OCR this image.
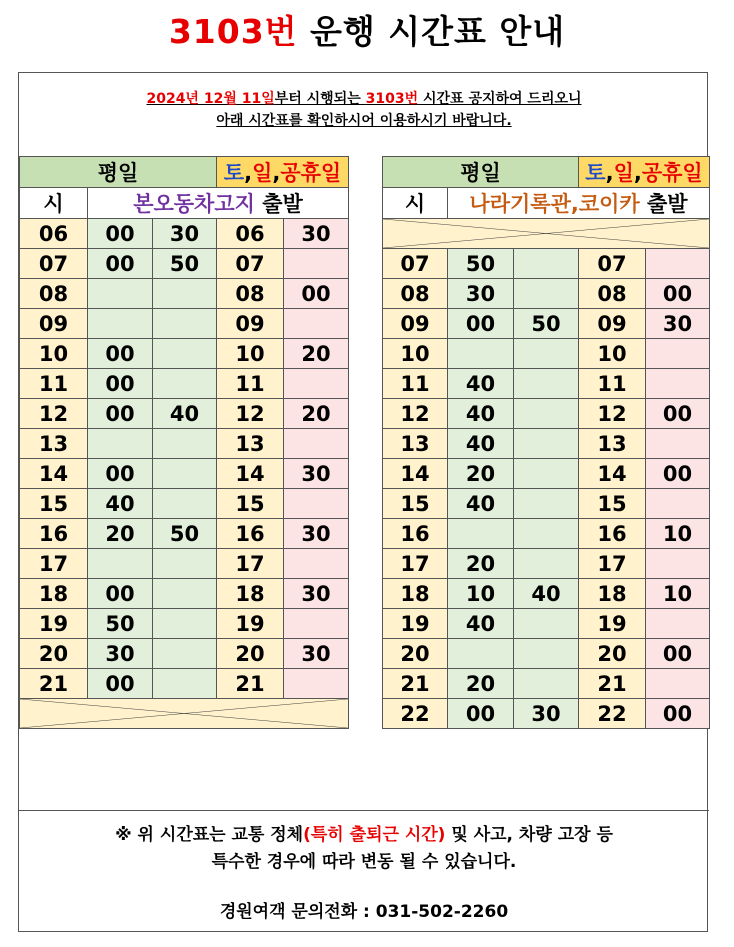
3103번 운행 시간표 안내
2024년 12월 11일부터 시행되는 3103번 시간표 공지하여 드리오니
아래 시간표를 확인하시어 이용하시기 바랍니다.
평일			토,일,공휴일	
시	본오동차고지 출발			
06	00	30	06	30
07	00	50	07	
08			08	00
09			09	
10	00		10	20
11	00		11	
12	00	40	12	20
13			13	
14	00		14	30
15	40		15	
16	20	50	16	30
17			17	
18	00		18	30
19	50		19	
20	30		20	30
21	00		21	

평일			토,일,공휴일	
시	나라기록관,코이카 출발			

07	50		07	
08	30		08	00
09	00	50	09	30
10			10	
11	40		11	
12	40		12	00
13	40		13	
14	20		14	00
15	40		15	
16			16	10
17	20		17	
18	10	40	18	10
19	40		19	
20			20	00
21	20		21	
22	00	30	22	00
※ 위 시간표는 교통 정체(특히 출퇴근 시간) 및 사고, 차량 고장 등
특수한 경우에 따라 변동 될 수 있습니다.
경원여객 문의전화 : 031-502-2260
